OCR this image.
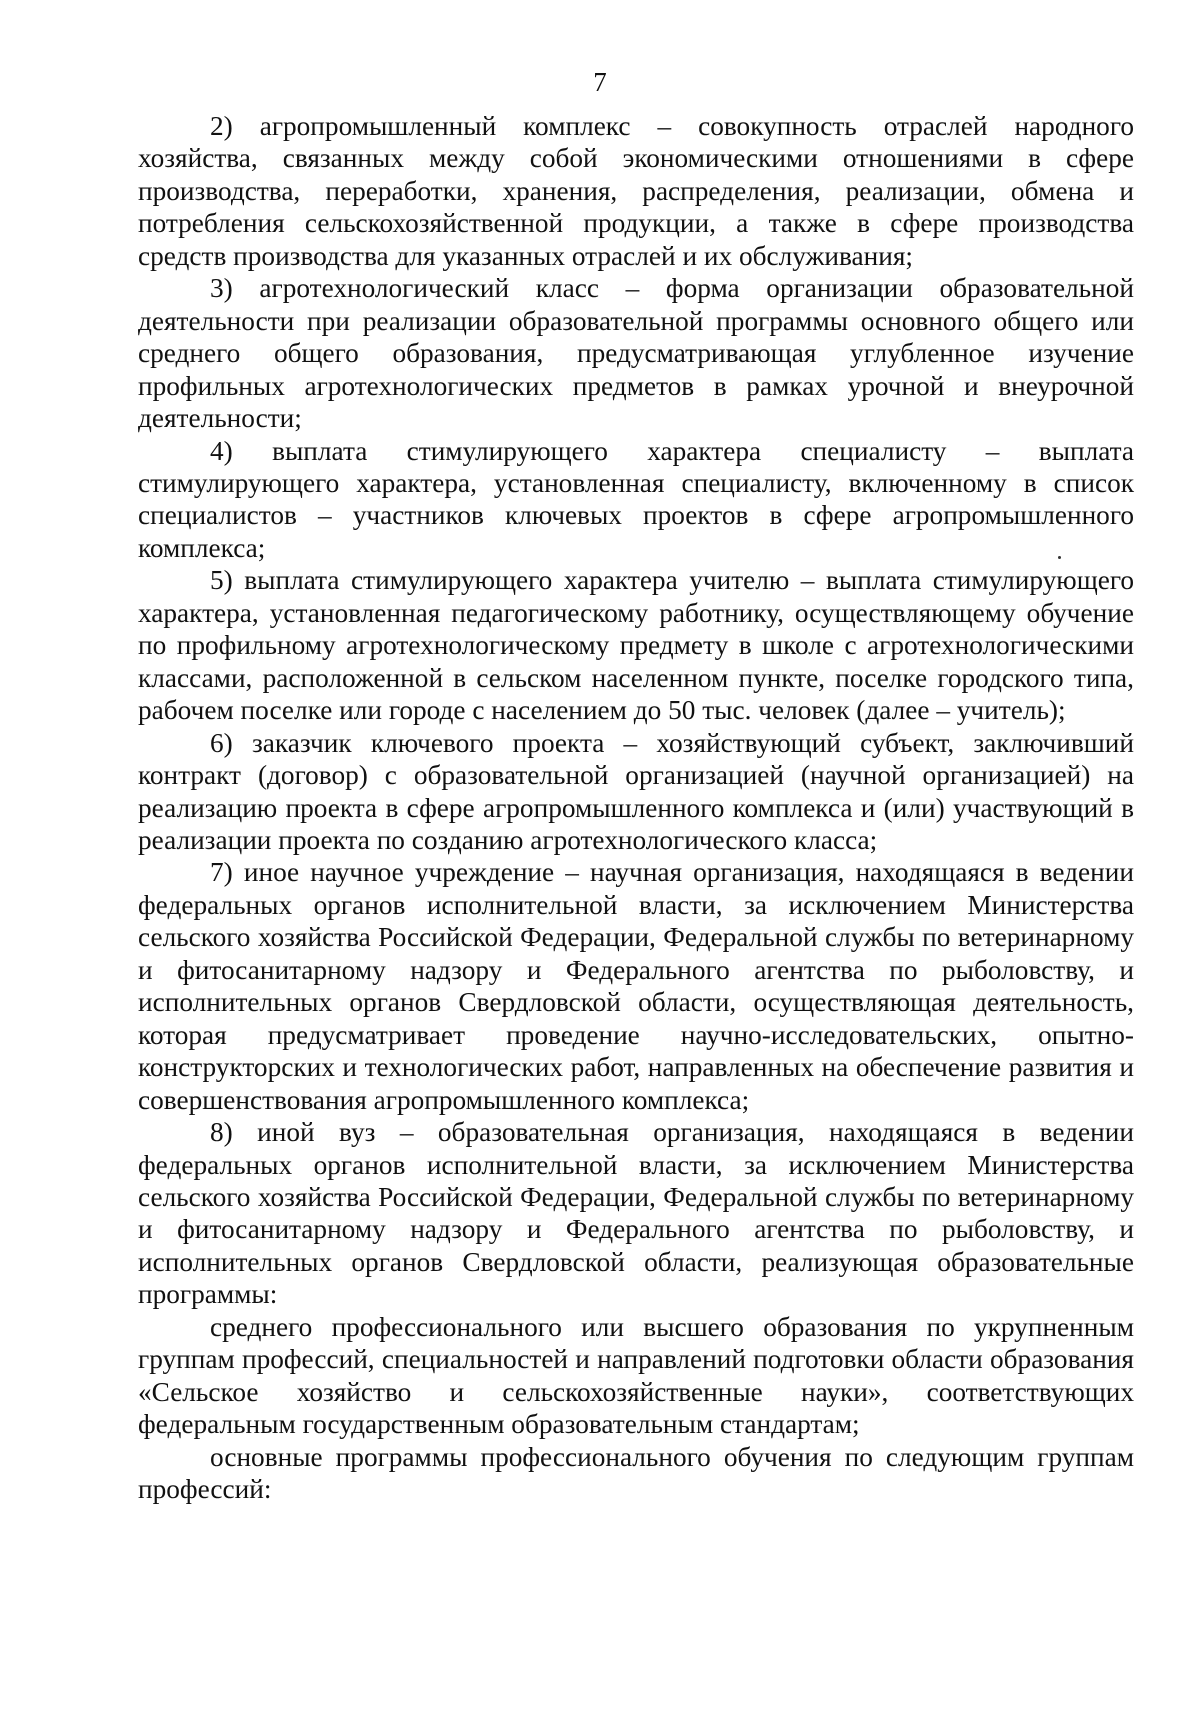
7

2) агропромышленный комплекс – совокупность отраслей народного хозяйства, связанных между собой экономическими отношениями в сфере производства, переработки, хранения, распределения, реализации, обмена и потребления сельскохозяйственной продукции, а также в сфере производства средств производства для указанных отраслей и их обслуживания;

3) агротехнологический класс – форма организации образовательной деятельности при реализации образовательной программы основного общего или среднего общего образования, предусматривающая углубленное изучение профильных агротехнологических предметов в рамках урочной и внеурочной деятельности;

4) выплата стимулирующего характера специалисту – выплата стимулирующего характера, установленная специалисту, включенному в список специалистов – участников ключевых проектов в сфере агропромышленного комплекса;

5) выплата стимулирующего характера учителю – выплата стимулирующего характера, установленная педагогическому работнику, осуществляющему обучение по профильному агротехнологическому предмету в школе с агротехнологическими классами, расположенной в сельском населенном пункте, поселке городского типа, рабочем поселке или городе с населением до 50 тыс. человек (далее – учитель);

6) заказчик ключевого проекта – хозяйствующий субъект, заключивший контракт (договор) с образовательной организацией (научной организацией) на реализацию проекта в сфере агропромышленного комплекса и (или) участвующий в реализации проекта по созданию агротехнологического класса;

7) иное научное учреждение – научная организация, находящаяся в ведении федеральных органов исполнительной власти, за исключением Министерства сельского хозяйства Российской Федерации, Федеральной службы по ветеринарному и фитосанитарному надзору и Федерального агентства по рыболовству, и исполнительных органов Свердловской области, осуществляющая деятельность, которая предусматривает проведение научно-исследовательских, опытно-конструкторских и технологических работ, направленных на обеспечение развития и совершенствования агропромышленного комплекса;

8) иной вуз – образовательная организация, находящаяся в ведении федеральных органов исполнительной власти, за исключением Министерства сельского хозяйства Российской Федерации, Федеральной службы по ветеринарному и фитосанитарному надзору и Федерального агентства по рыболовству, и исполнительных органов Свердловской области, реализующая образовательные программы:

среднего профессионального или высшего образования по укрупненным группам профессий, специальностей и направлений подготовки области образования «Сельское хозяйство и сельскохозяйственные науки», соответствующих федеральным государственным образовательным стандартам;

основные программы профессионального обучения по следующим группам профессий:
